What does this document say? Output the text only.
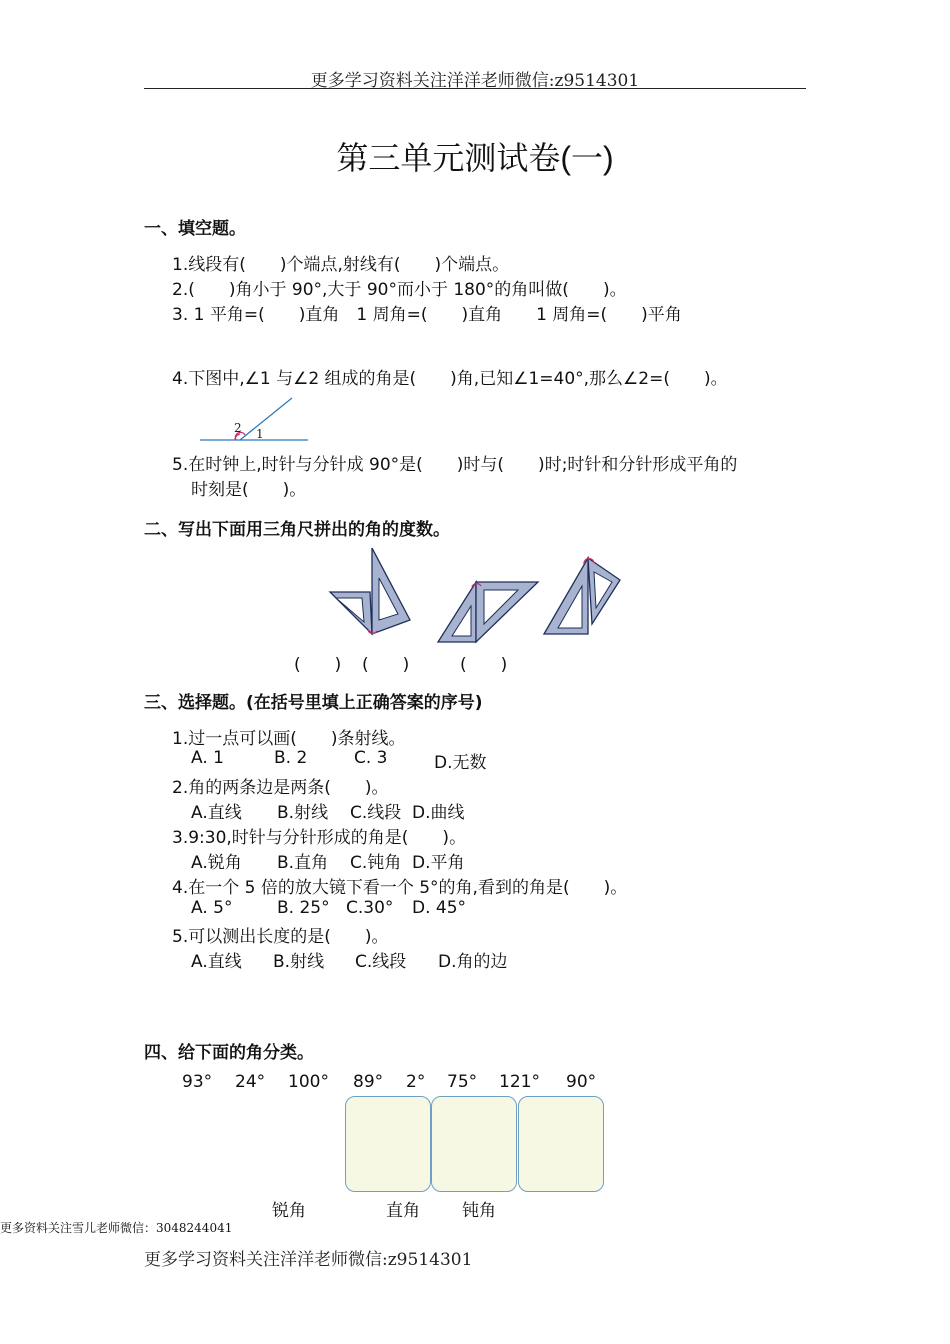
更多学习资料关注洋洋老师微信:z9514301
第三单元测试卷(一)
一、填空题。
1.线段有(　　)个端点,射线有(　　)个端点。
2.(　　)角小于 90°,大于 90°而小于 180°的角叫做(　　)。
3. 1 平角=(　　)直角　1 周角=(　　)直角　　1 周角=(　　)平角
4.下图中,∠1 与∠2 组成的角是(　　)角,已知∠1=40°,那么∠2=(　　)。
2 1
5.在时钟上,时针与分针成 90°是(　　)时与(　　)时;时针和分针形成平角的
时刻是(　　)。
二、写出下面用三角尺拼出的角的度数。
(　　) (　　)	(　　)
三、选择题。(在括号里填上正确答案的序号)
1.过一点可以画(　　)条射线。
A. 1	B. 2	C. 3	D.无数
2.角的两条边是两条(　　)。
A.直线 B.射线 C.线段 D.曲线
3.9:30,时针与分针形成的角是(　　)。
A.锐角 B.直角 C.钝角 D.平角
4.在一个 5 倍的放大镜下看一个 5°的角,看到的角是(　　)。
A. 5°	B. 25° C.30° D. 45°
5.可以测出长度的是(　　)。
A.直线 B.射线 C.线段 D.角的边
四、给下面的角分类。
93° 24° 100° 89° 2° 75° 121° 90°
锐角	直角 钝角
更多资料关注雪儿老师微信：3048244041
更多学习资料关注洋洋老师微信:z9514301
